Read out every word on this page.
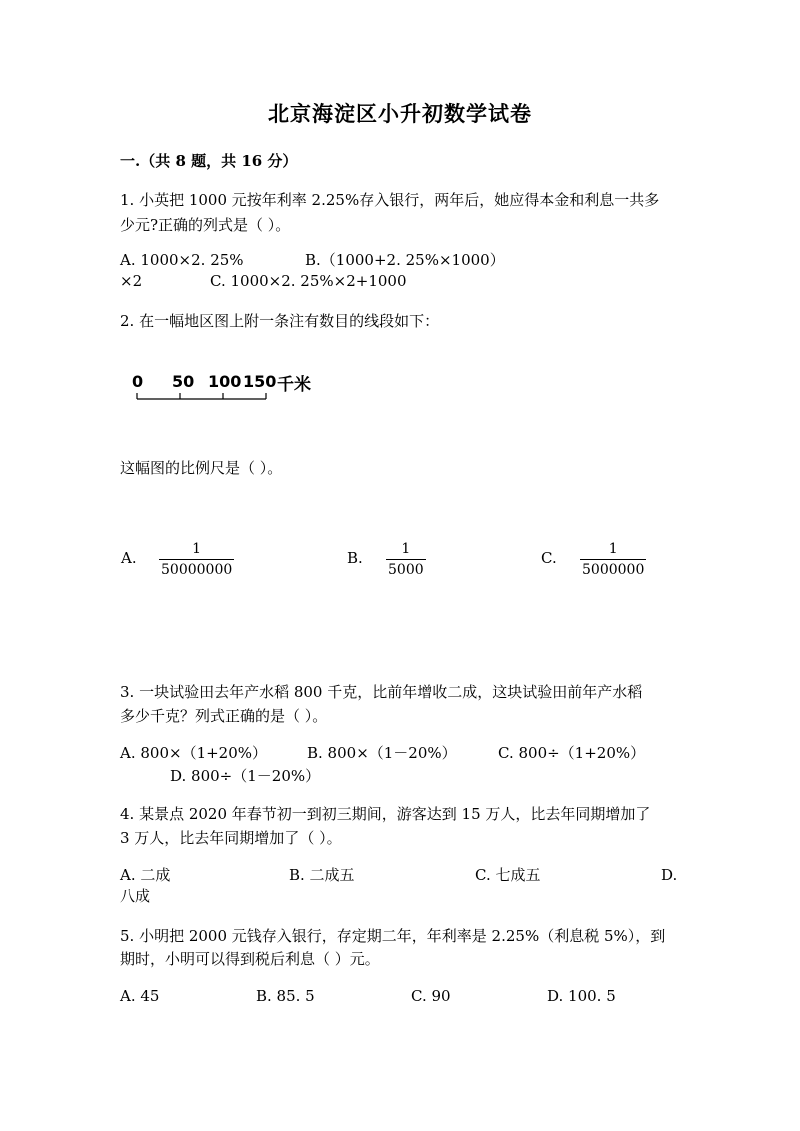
北京海淀区小升初数学试卷
一.（共 8 题，共 16 分）
1. 小英把 1000 元按年利率 2.25%存入银行，两年后，她应得本金和利息一共多
少元?正确的列式是（ ）。
A. 1000×2. 25%	B.（1000+2. 25%×1000）
×2	C. 1000×2. 25%×2+1000
2. 在一幅地区图上附一条注有数目的线段如下：
0 50 100 150 千米
这幅图的比例尺是（ ）。
A.	1
50000000
B.	1
5000
C.	1
5000000
3. 一块试验田去年产水稻 800 千克，比前年增收二成，这块试验田前年产水稻
多少千克？列式正确的是（ ）。
A. 800×（1+20%）	B. 800×（1－20%）	C. 800÷（1+20%）
D. 800÷（1－20%）
4. 某景点 2020 年春节初一到初三期间，游客达到 15 万人，比去年同期增加了
3 万人，比去年同期增加了（ ）。
A. 二成	B. 二成五	C. 七成五	D.
八成
5. 小明把 2000 元钱存入银行，存定期二年，年利率是 2.25%（利息税 5%），到
期时，小明可以得到税后利息（ ）元。
A. 45	B. 85. 5	C. 90	D. 100. 5
